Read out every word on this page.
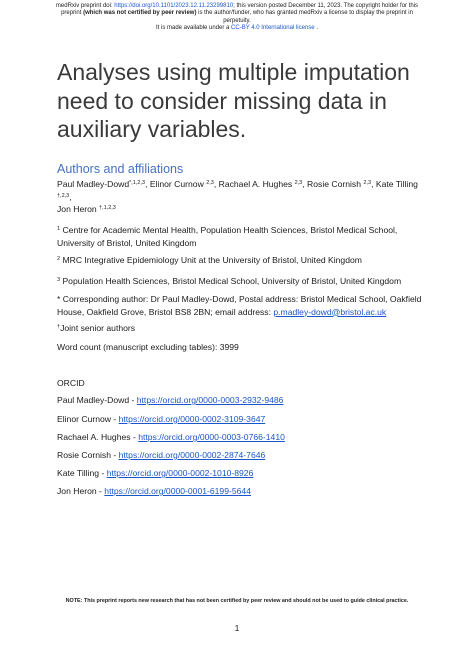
medRxiv preprint doi: https://doi.org/10.1101/2023.12.11.23299810; this version posted December 11, 2023. The copyright holder for this
preprint (which was not certified by peer review) is the author/funder, who has granted medRxiv a license to display the preprint in
perpetuity.
It is made available under a CC-BY 4.0 International license .
Analyses using multiple imputation need to consider missing data in auxiliary variables.
Authors and affiliations
Paul Madley-Dowd$^{*,1,2,3}$, Elinor Curnow $^{2,3}$, Rachael A. Hughes $^{2,3}$, Rosie Cornish $^{2,3}$, Kate Tilling $^{\dagger,2,3}$,
Jon Heron $^{\dagger,1,2,3}$
$^1$ Centre for Academic Mental Health, Population Health Sciences, Bristol Medical School, University of Bristol, United Kingdom
$^2$ MRC Integrative Epidemiology Unit at the University of Bristol, United Kingdom
$^3$ Population Health Sciences, Bristol Medical School, University of Bristol, United Kingdom
* Corresponding author: Dr Paul Madley-Dowd, Postal address: Bristol Medical School, Oakfield House, Oakfield Grove, Bristol BS8 2BN; email address: p.madley-dowd@bristol.ac.uk
†Joint senior authors
Word count (manuscript excluding tables): 3999
ORCID
Paul Madley-Dowd - https://orcid.org/0000-0003-2932-9486
Elinor Curnow - https://orcid.org/0000-0002-3109-3647
Rachael A. Hughes - https://orcid.org/0000-0003-0766-1410
Rosie Cornish - https://orcid.org/0000-0002-2874-7646
Kate Tilling - https://orcid.org/0000-0002-1010-8926
Jon Heron - https://orcid.org/0000-0001-6199-5644
NOTE: This preprint reports new research that has not been certified by peer review and should not be used to guide clinical practice.
1
